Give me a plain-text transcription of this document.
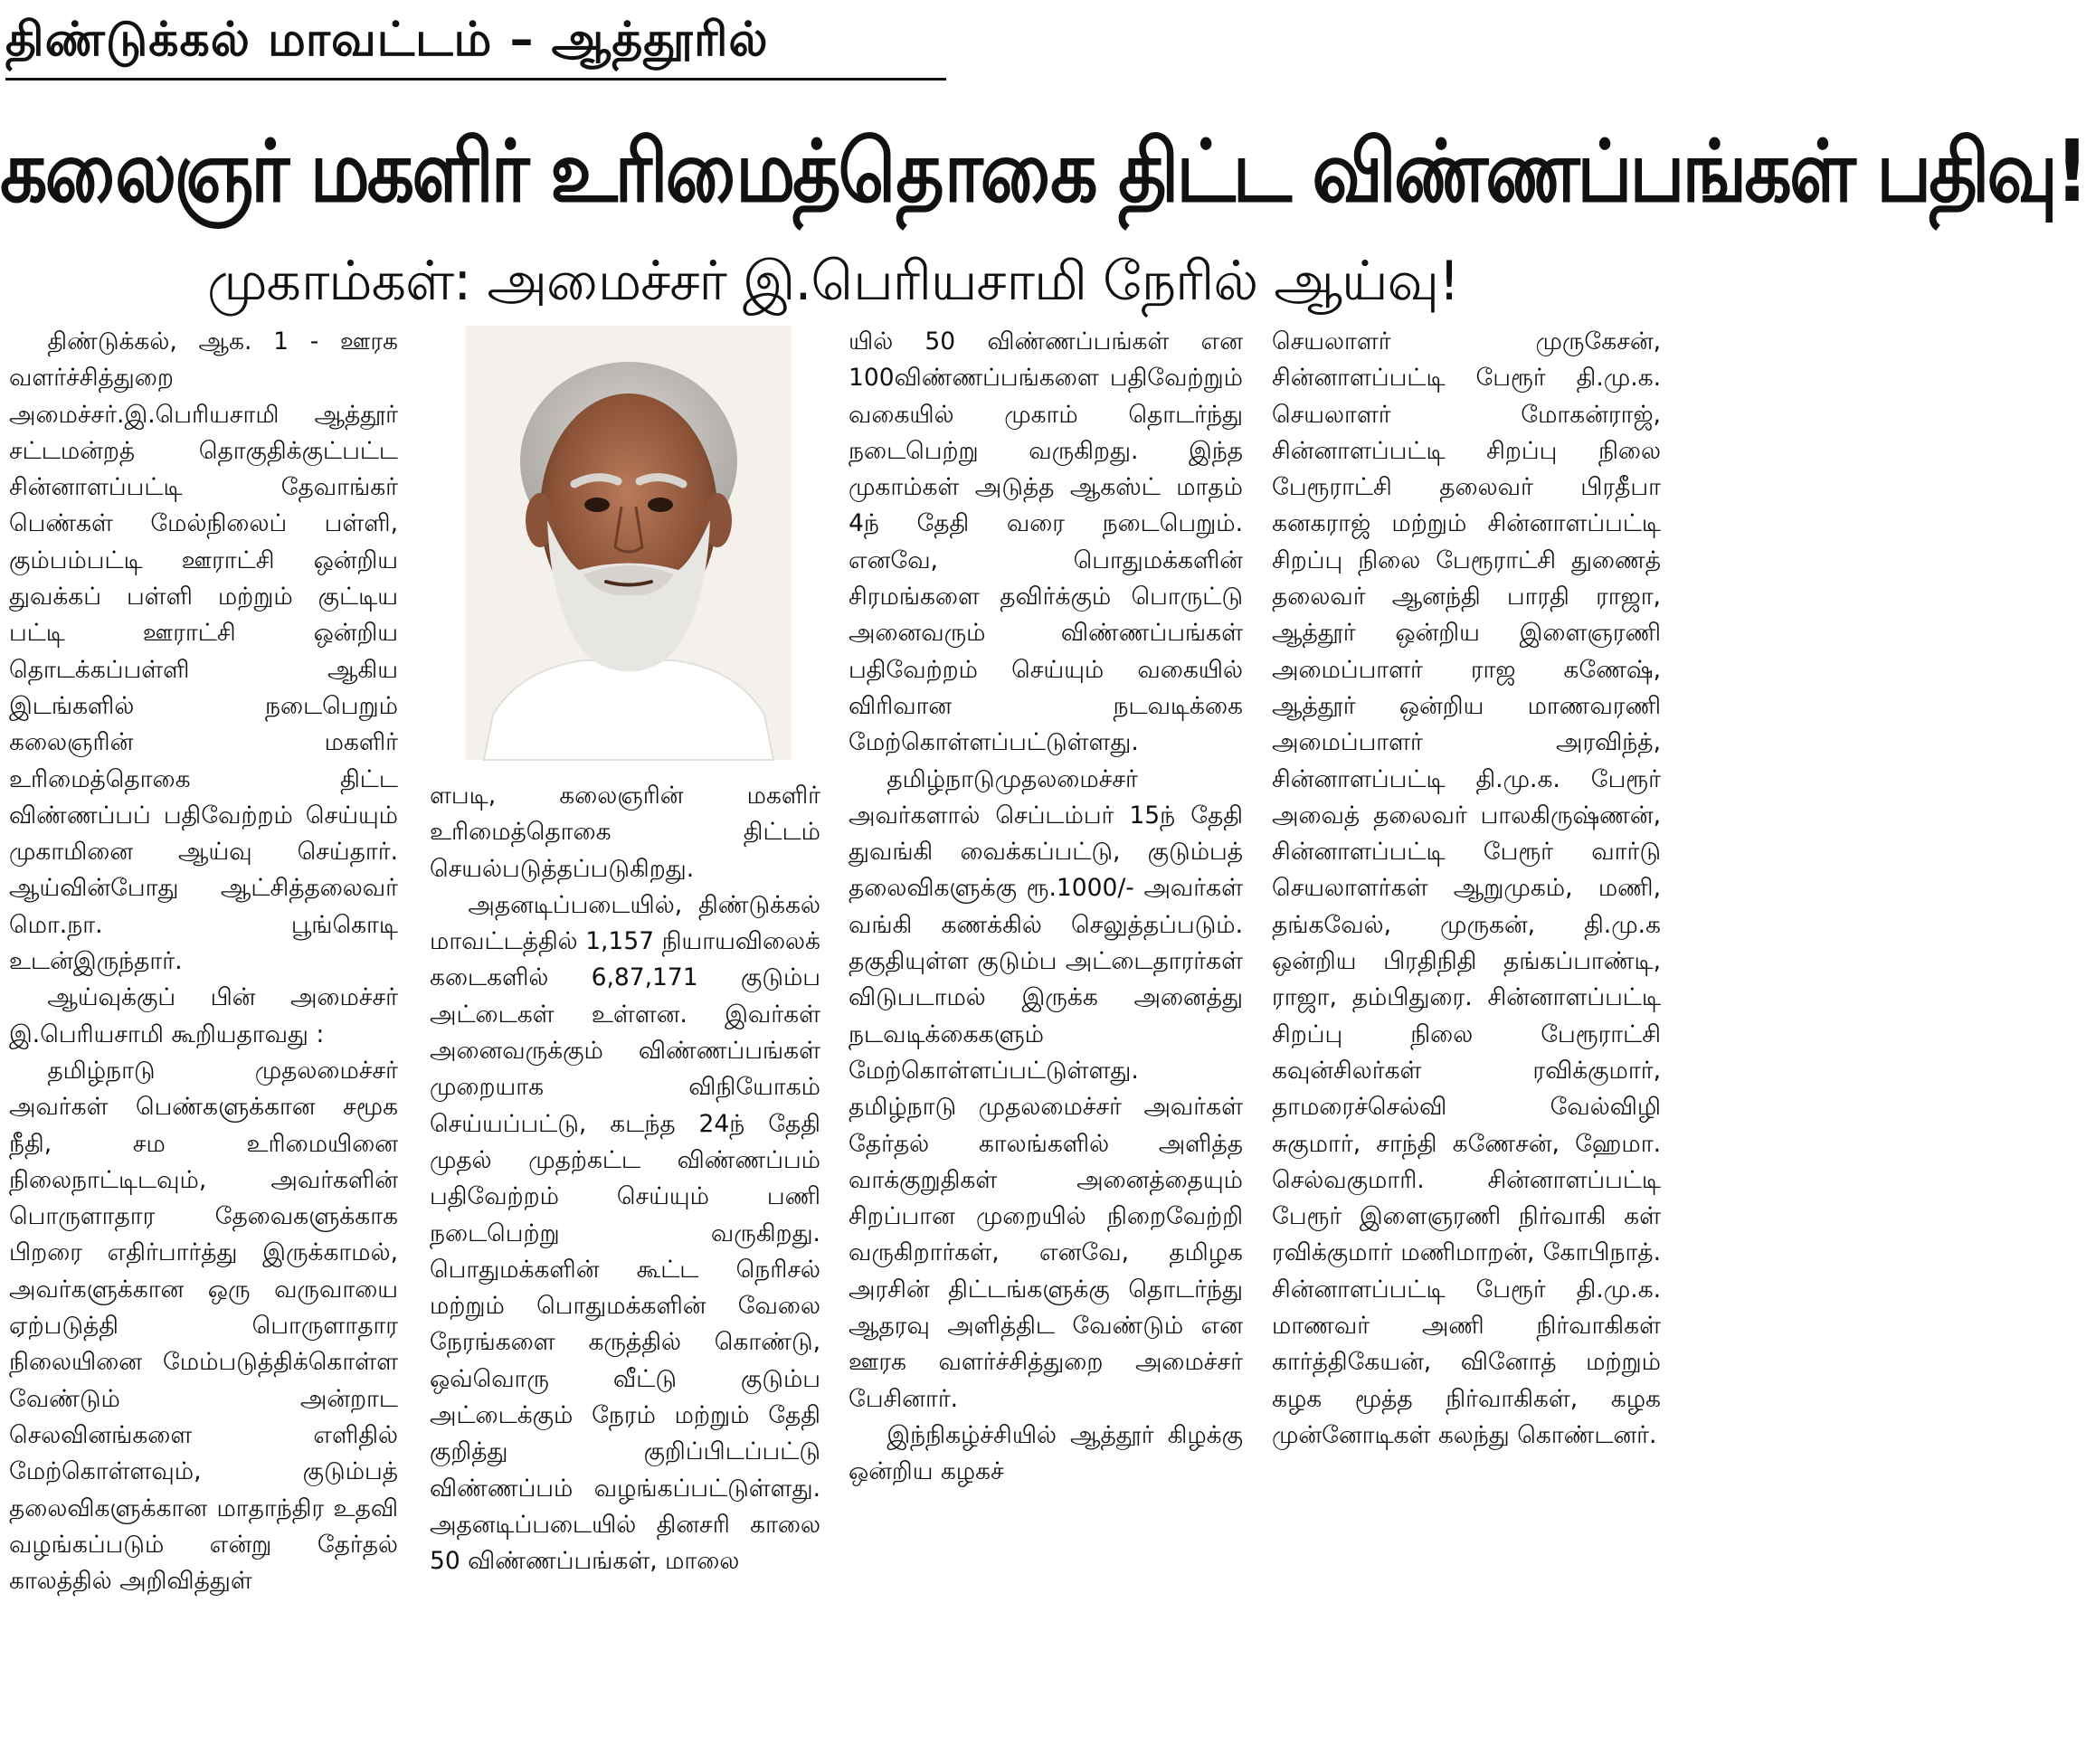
திண்டுக்கல் மாவட்டம் – ஆத்தூரில்
கலைஞர் மகளிர் உரிமைத்தொகை திட்ட விண்ணப்பங்கள் பதிவு!
முகாம்கள்: அமைச்சர் இ.பெரியசாமி நேரில் ஆய்வு!

திண்டுக்கல், ஆக. 1 - ஊரக வளர்ச்சித்துறை அமைச்சர்.இ.பெரியசாமி ஆத்தூர் சட்டமன்றத் தொகுதிக்குட்பட்ட சின்னாளப்பட்டி தேவாங்கர் பெண்கள் மேல்நிலைப் பள்ளி, கும்பம்பட்டி ஊராட்சி ஒன்றிய துவக்கப் பள்ளி மற்றும் குட்டிய பட்டி ஊராட்சி ஒன்றிய தொடக்கப்பள்ளி ஆகிய இடங்களில் நடைபெறும் கலைஞரின் மகளிர் உரிமைத்தொகை திட்ட விண்ணப்பப் பதிவேற்றம் செய்யும் முகாமினை ஆய்வு செய்தார். ஆய்வின்போது ஆட்சித்தலைவர் மொ.நா. பூங்கொடி உடன்இருந்தார்.

ஆய்வுக்குப் பின் அமைச்சர் இ.பெரியசாமி கூறியதாவது :

தமிழ்நாடு முதலமைச்சர் அவர்கள் பெண்களுக்கான சமூக நீதி, சம உரிமையினை நிலைநாட்டிடவும், அவர்களின் பொருளாதார தேவைகளுக்காக பிறரை எதிர்பார்த்து இருக்காமல், அவர்களுக்கான ஒரு வருவாயை ஏற்படுத்தி பொருளாதார நிலையினை மேம்படுத்திக்கொள்ள வேண்டும் அன்றாட செலவினங்களை எளிதில் மேற்கொள்ளவும், குடும்பத் தலைவிகளுக்கான மாதாந்திர உதவி வழங்கப்படும் என்று தேர்தல் காலத்தில் அறிவித்துள்

ளபடி, கலைஞரின் மகளிர் உரிமைத்தொகை திட்டம் செயல்படுத்தப்படுகிறது.

அதனடிப்படையில், திண்டுக்கல் மாவட்டத்தில் 1,157 நியாயவிலைக் கடைகளில் 6,87,171 குடும்ப அட்டைகள் உள்ளன. இவர்கள் அனைவருக்கும் விண்ணப்பங்கள் முறையாக விநியோகம் செய்யப்பட்டு, கடந்த 24ந் தேதி முதல் முதற்கட்ட விண்ணப்பம் பதிவேற்றம் செய்யும் பணி நடைபெற்று வருகிறது. பொதுமக்களின் கூட்ட நெரிசல் மற்றும் பொதுமக்களின் வேலை நேரங்களை கருத்தில் கொண்டு, ஒவ்வொரு வீட்டு குடும்ப அட்டைக்கும் நேரம் மற்றும் தேதி குறித்து குறிப்பிடப்பட்டு விண்ணப்பம் வழங்கப்பட்டுள்ளது. அதனடிப்படையில் தினசரி காலை 50 விண்ணப்பங்கள், மாலை

யில் 50 விண்ணப்பங்கள் என 100விண்ணப்பங்களை பதிவேற்றும் வகையில் முகாம் தொடர்ந்து நடைபெற்று வருகிறது. இந்த முகாம்கள் அடுத்த ஆகஸ்ட் மாதம் 4ந் தேதி வரை நடைபெறும். எனவே, பொதுமக்களின் சிரமங்களை தவிர்க்கும் பொருட்டு அனைவரும் விண்ணப்பங்கள் பதிவேற்றம் செய்யும் வகையில் விரிவான நடவடிக்கை மேற்கொள்ளப்பட்டுள்ளது.

தமிழ்நாடுமுதலமைச்சர் அவர்களால் செப்டம்பர் 15ந் தேதி துவங்கி வைக்கப்பட்டு, குடும்பத் தலைவிகளுக்கு ரூ.1000/- அவர்கள் வங்கி கணக்கில் செலுத்தப்படும். தகுதியுள்ள குடும்ப அட்டைதாரர்கள் விடுபடாமல் இருக்க அனைத்து நடவடிக்கைகளும் மேற்கொள்ளப்பட்டுள்ளது. தமிழ்நாடு முதலமைச்சர் அவர்கள் தேர்தல் காலங்களில் அளித்த வாக்குறுதிகள் அனைத்தையும் சிறப்பான முறையில் நிறைவேற்றி வருகிறார்கள், எனவே, தமிழக அரசின் திட்டங்களுக்கு தொடர்ந்து ஆதரவு அளித்திட வேண்டும் என ஊரக வளர்ச்சித்துறை அமைச்சர் பேசினார்.

இந்நிகழ்ச்சியில் ஆத்தூர் கிழக்கு ஒன்றிய கழகச்

செயலாளர் முருகேசன், சின்னாளப்பட்டி பேரூர் தி.மு.க. செயலாளர் மோகன்ராஜ், சின்னாளப்பட்டி சிறப்பு நிலை பேரூராட்சி தலைவர் பிரதீபா கனகராஜ் மற்றும் சின்னாளப்பட்டி சிறப்பு நிலை பேரூராட்சி துணைத் தலைவர் ஆனந்தி பாரதி ராஜா, ஆத்தூர் ஒன்றிய இளைஞரணி அமைப்பாளர் ராஜ கணேஷ், ஆத்தூர் ஒன்றிய மாணவரணி அமைப்பாளர் அரவிந்த், சின்னாளப்பட்டி தி.மு.க. பேரூர் அவைத் தலைவர் பாலகிருஷ்ணன், சின்னாளப்பட்டி பேரூர் வார்டு செயலாளர்கள் ஆறுமுகம், மணி, தங்கவேல், முருகன், தி.மு.க ஒன்றிய பிரதிநிதி தங்கப்பாண்டி, ராஜா, தம்பிதுரை. சின்னாளப்பட்டி சிறப்பு நிலை பேரூராட்சி கவுன்சிலர்கள் ரவிக்குமார், தாமரைச்செல்வி வேல்விழி சுகுமார், சாந்தி கணேசன், ஹேமா. செல்வகுமாரி. சின்னாளப்பட்டி பேரூர் இளைஞரணி நிர்வாகி கள் ரவிக்குமார் மணிமாறன், கோபிநாத். சின்னாளப்பட்டி பேரூர் தி.மு.க. மாணவர் அணி நிர்வாகிகள் கார்த்திகேயன், வினோத் மற்றும் கழக மூத்த நிர்வாகிகள், கழக முன்னோடிகள் கலந்து கொண்டனர்.
